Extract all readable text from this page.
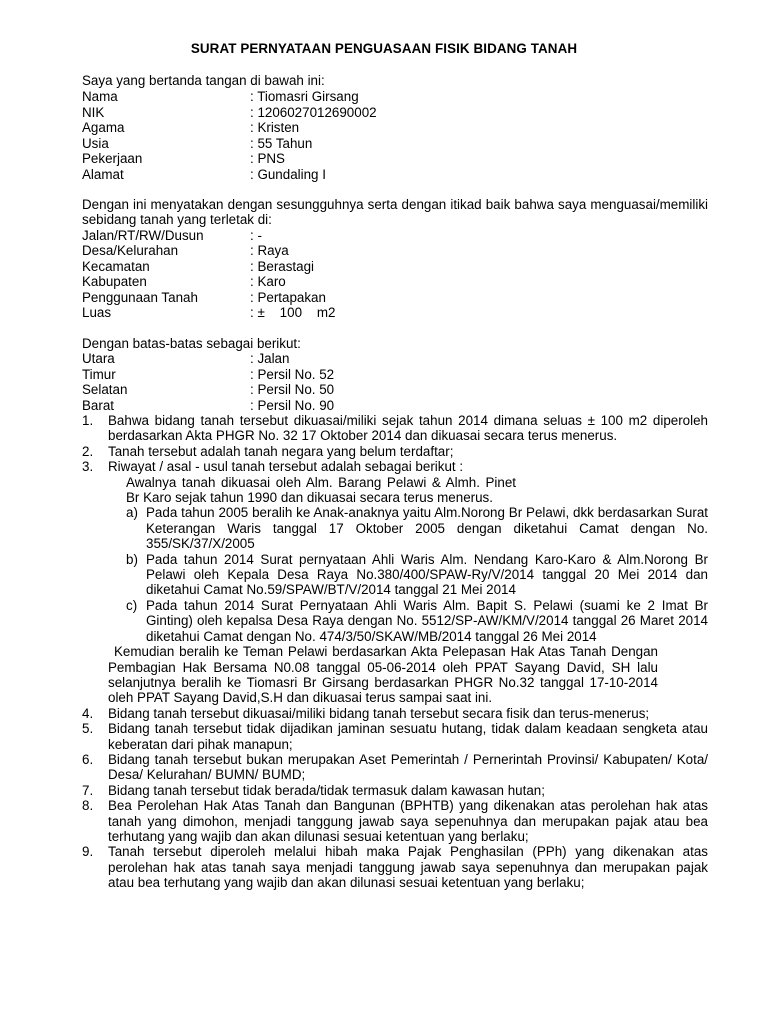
SURAT PERNYATAAN PENGUASAAN FISIK BIDANG TANAH
Saya yang bertanda tangan di bawah ini:
Nama	: Tiomasri Girsang
NIK	: 1206027012690002
Agama	: Kristen
Usia	: 55 Tahun
Pekerjaan	: PNS
Alamat	: Gundaling I
Dengan ini menyatakan dengan sesungguhnya serta dengan itikad baik bahwa saya menguasai/memiliki sebidang tanah yang terletak di:
Jalan/RT/RW/Dusun	: -
Desa/Kelurahan	: Raya
Kecamatan	: Berastagi
Kabupaten	: Karo
Penggunaan Tanah	: Pertapakan
Luas	: ±    100    m2
Dengan batas-batas sebagai berikut:
Utara	: Jalan
Timur	: Persil No. 52
Selatan	: Persil No. 50
Barat	: Persil No. 90
1. Bahwa bidang tanah tersebut dikuasai/miliki sejak tahun 2014 dimana seluas ± 100 m2 diperoleh berdasarkan Akta PHGR No. 32 17 Oktober 2014 dan dikuasai secara terus menerus.
2. Tanah tersebut adalah tanah negara yang belum terdaftar;
3. Riwayat / asal - usul tanah tersebut adalah sebagai berikut :
Awalnya tanah dikuasai oleh Alm. Barang Pelawi & Almh. Pinet Br Karo sejak tahun 1990 dan dikuasai secara terus menerus.
a) Pada tahun 2005 beralih ke Anak-anaknya yaitu Alm.Norong Br Pelawi, dkk berdasarkan Surat Keterangan Waris tanggal 17 Oktober 2005 dengan diketahui Camat dengan No. 355/SK/37/X/2005
b) Pada tahun 2014 Surat pernyataan Ahli Waris Alm. Nendang Karo-Karo & Alm.Norong Br Pelawi oleh Kepala Desa Raya No.380/400/SPAW-Ry/V/2014 tanggal 20 Mei 2014 dan diketahui Camat No.59/SPAW/BT/V/2014 tanggal 21 Mei 2014
c) Pada tahun 2014 Surat Pernyataan Ahli Waris Alm. Bapit S. Pelawi (suami ke 2 Imat Br Ginting) oleh kepalsa Desa Raya dengan No. 5512/SP-AW/KM/V/2014 tanggal 26 Maret 2014 diketahui Camat dengan No. 474/3/50/SKAW/MB/2014 tanggal 26 Mei 2014
Kemudian beralih ke Teman Pelawi berdasarkan Akta Pelepasan Hak Atas Tanah Dengan Pembagian Hak Bersama N0.08 tanggal 05-06-2014 oleh PPAT Sayang David, SH lalu selanjutnya beralih ke Tiomasri Br Girsang berdasarkan PHGR No.32 tanggal 17-10-2014 oleh PPAT Sayang David,S.H dan dikuasai terus sampai saat ini.
4. Bidang tanah tersebut dikuasai/miliki bidang tanah tersebut secara fisik dan terus-menerus;
5. Bidang tanah tersebut tidak dijadikan jaminan sesuatu hutang, tidak dalam keadaan sengketa atau keberatan dari pihak manapun;
6. Bidang tanah tersebut bukan merupakan Aset Pemerintah / Pernerintah Provinsi/ Kabupaten/ Kota/ Desa/ Kelurahan/ BUMN/ BUMD;
7. Bidang tanah tersebut tidak berada/tidak termasuk dalam kawasan hutan;
8. Bea Perolehan Hak Atas Tanah dan Bangunan (BPHTB) yang dikenakan atas perolehan hak atas tanah yang dimohon, menjadi tanggung jawab saya sepenuhnya dan merupakan pajak atau bea terhutang yang wajib dan akan dilunasi sesuai ketentuan yang berlaku;
9. Tanah tersebut diperoleh melalui hibah maka Pajak Penghasilan (PPh) yang dikenakan atas perolehan hak atas tanah saya menjadi tanggung jawab saya sepenuhnya dan merupakan pajak atau bea terhutang yang wajib dan akan dilunasi sesuai ketentuan yang berlaku;
